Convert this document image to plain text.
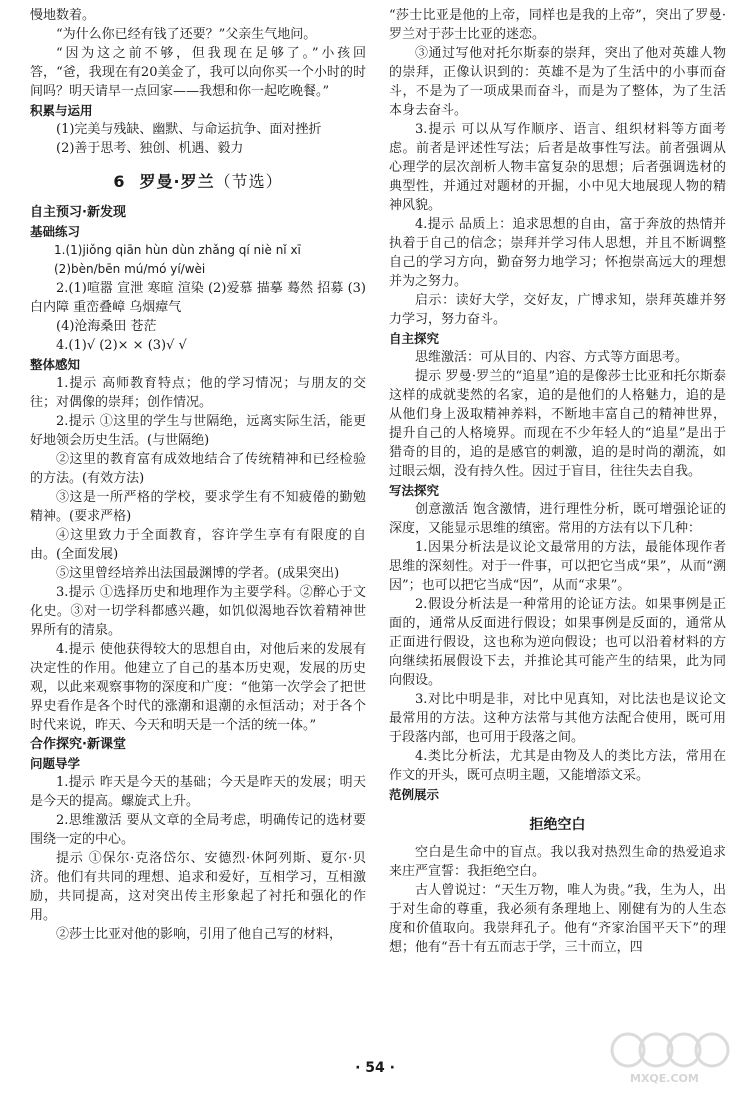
慢地数着。

“为什么你已经有钱了还要？”父亲生气地问。

“因为这之前不够，但我现在足够了。”小孩回答，“爸，我现在有20美金了，我可以向你买一个小时的时间吗？明天请早一点回家——我想和你一起吃晚餐。”

积累与运用

(1)完美与残缺、幽默、与命运抗争、面对挫折

(2)善于思考、独创、机遇、毅力

6 罗曼·罗兰（节选）

自主预习·新发现

基础练习

1.(1)jiǒng qiān hùn dùn zhǎng qí niè nǐ xī

(2)bèn/bēn mú/mó yí/wèi

2.(1)喧嚣 宣泄 寒暄 渲染 (2)爱慕 描摹 蓦然 招募 (3)白内障 重峦叠嶂 乌烟瘴气

(4)沧海桑田 苍茫

4.(1)√ (2)× × (3)√ √

整体感知

1.提示 高师教育特点；他的学习情况；与朋友的交往；对偶像的崇拜；创作情况。

2.提示 ①这里的学生与世隔绝，远离实际生活，能更好地领会历史生活。(与世隔绝)

②这里的教育富有成效地结合了传统精神和已经检验的方法。(有效方法)

③这是一所严格的学校，要求学生有不知疲倦的勤勉精神。(要求严格)

④这里致力于全面教育，容许学生享有有限度的自由。(全面发展)

⑤这里曾经培养出法国最渊博的学者。(成果突出)

3.提示 ①选择历史和地理作为主要学科。②醉心于文化史。③对一切学科都感兴趣，如饥似渴地吞饮着精神世界所有的清泉。

4.提示 使他获得较大的思想自由，对他后来的发展有决定性的作用。他建立了自己的基本历史观，发展的历史观，以此来观察事物的深度和广度：“他第一次学会了把世界史看作是各个时代的涨潮和退潮的永恒活动；对于各个时代来说，昨天、今天和明天是一个活的统一体。”

合作探究·新课堂

问题导学

1.提示 昨天是今天的基础；今天是昨天的发展；明天是今天的提高。螺旋式上升。

2.思维激活 要从文章的全局考虑，明确传记的选材要围绕一定的中心。

提示 ①保尔·克洛岱尔、安德烈·休阿列斯、夏尔·贝济。他们有共同的理想、追求和爱好，互相学习，互相激励，共同提高，这对突出传主形象起了衬托和强化的作用。

②莎士比亚对他的影响，引用了他自己写的材料，

“莎士比亚是他的上帝，同样也是我的上帝”，突出了罗曼·罗兰对于莎士比亚的迷恋。

③通过写他对托尔斯泰的崇拜，突出了他对英雄人物的崇拜，正像认识到的：英雄不是为了生活中的小事而奋斗，不是为了一项成果而奋斗，而是为了整体，为了生活本身去奋斗。

3.提示 可以从写作顺序、语言、组织材料等方面考虑。前者是评述性写法；后者是故事性写法。前者强调从心理学的层次剖析人物丰富复杂的思想；后者强调选材的典型性，并通过对题材的开掘，小中见大地展现人物的精神风貌。

4.提示 品质上：追求思想的自由，富于奔放的热情并执着于自己的信念；崇拜并学习伟人思想，并且不断调整自己的学习方向，勤奋努力地学习；怀抱崇高远大的理想并为之努力。

启示：读好大学，交好友，广博求知，崇拜英雄并努力学习，努力奋斗。

自主探究

思维激活：可从目的、内容、方式等方面思考。

提示 罗曼·罗兰的“追星”追的是像莎士比亚和托尔斯泰这样的成就斐然的名家，追的是他们的人格魅力，追的是从他们身上汲取精神养料，不断地丰富自己的精神世界，提升自己的人格境界。而现在不少年轻人的“追星”是出于猎奇的目的，追的是感官的刺激，追的是时尚的潮流，如过眼云烟，没有持久性。因过于盲目，往往失去自我。

写法探究

创意激活 饱含激情，进行理性分析，既可增强论证的深度，又能显示思维的缜密。常用的方法有以下几种：

1.因果分析法是议论文最常用的方法，最能体现作者思维的深刻性。对于一件事，可以把它当成“果”，从而“溯因”；也可以把它当成“因”，从而“求果”。

2.假设分析法是一种常用的论证方法。如果事例是正面的，通常从反面进行假设；如果事例是反面的，通常从正面进行假设，这也称为逆向假设；也可以沿着材料的方向继续拓展假设下去，并推论其可能产生的结果，此为同向假设。

3.对比中明是非，对比中见真知，对比法也是议论文最常用的方法。这种方法常与其他方法配合使用，既可用于段落内部，也可用于段落之间。

4.类比分析法，尤其是由物及人的类比方法，常用在作文的开头，既可点明主题，又能增添文采。

范例展示

拒绝空白

空白是生命中的盲点。我以我对热烈生命的热爱追求来庄严宣誓：我拒绝空白。

古人曾说过：“天生万物，唯人为贵。”我，生为人，出于对生命的尊重，我必须有条理地上、刚健有为的人生态度和价值取向。我崇拜孔子。他有“齐家治国平天下”的理想；他有“吾十有五而志于学，三十而立，四

· 54 ·
MXQE.COM
